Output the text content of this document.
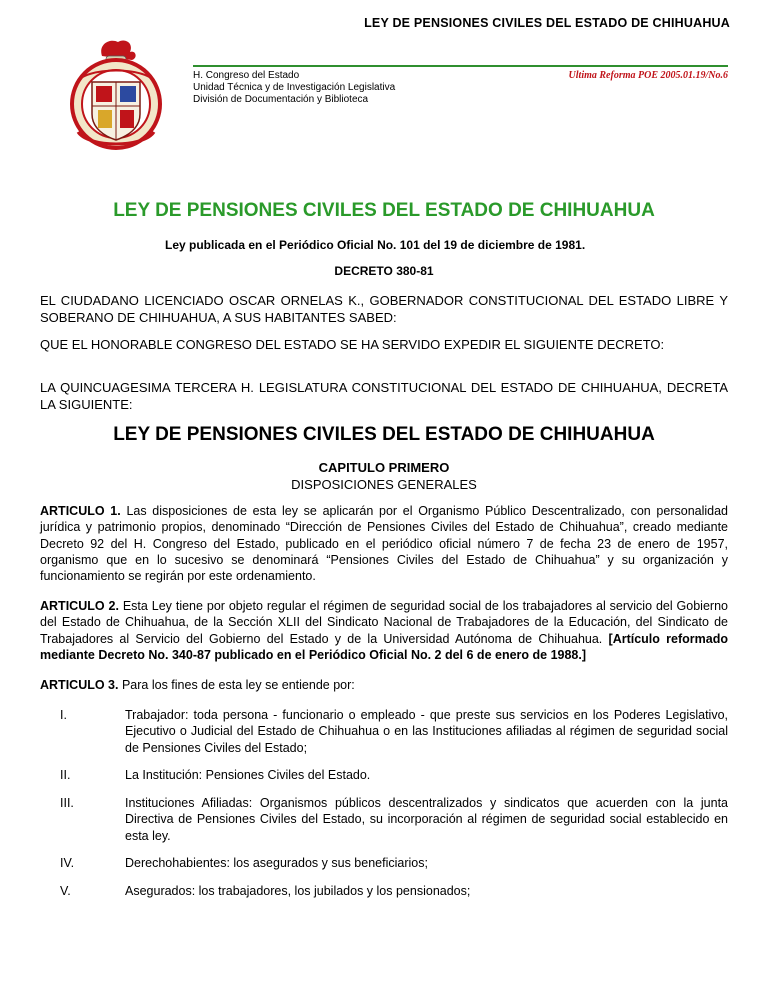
LEY DE PENSIONES CIVILES DEL ESTADO DE CHIHUAHUA
H. Congreso del Estado
Unidad Técnica y de Investigación Legislativa
División de Documentación y Biblioteca
Ultima Reforma POE 2005.01.19/No.6
LEY DE PENSIONES CIVILES DEL ESTADO DE CHIHUAHUA
Ley publicada en el Periódico Oficial No. 101 del 19 de diciembre de 1981.
DECRETO 380-81
EL CIUDADANO LICENCIADO OSCAR ORNELAS K., GOBERNADOR CONSTITUCIONAL DEL ESTADO LIBRE Y SOBERANO DE CHIHUAHUA, A SUS HABITANTES SABED:
QUE EL HONORABLE CONGRESO DEL ESTADO SE HA SERVIDO EXPEDIR EL SIGUIENTE DECRETO:
LA QUINCUAGESIMA TERCERA H. LEGISLATURA CONSTITUCIONAL DEL ESTADO DE CHIHUAHUA, DECRETA LA SIGUIENTE:
LEY DE PENSIONES CIVILES DEL ESTADO DE CHIHUAHUA
CAPITULO PRIMERO
DISPOSICIONES GENERALES
ARTICULO 1. Las disposiciones de esta ley se aplicarán por el Organismo Público Descentralizado, con personalidad jurídica y patrimonio propios, denominado “Dirección de Pensiones Civiles del Estado de Chihuahua”, creado mediante Decreto 92 del H. Congreso del Estado, publicado en el periódico oficial número 7 de fecha 23 de enero de 1957, organismo que en lo sucesivo se denominará “Pensiones Civiles del Estado de Chihuahua” y su organización y funcionamiento se regirán por este ordenamiento.
ARTICULO 2. Esta Ley tiene por objeto regular el régimen de seguridad social de los trabajadores al servicio del Gobierno del Estado de Chihuahua, de la Sección XLII del Sindicato Nacional de Trabajadores de la Educación, del Sindicato de Trabajadores al Servicio del Gobierno del Estado y de la Universidad Autónoma de Chihuahua. [Artículo reformado mediante Decreto No. 340-87 publicado en el Periódico Oficial No. 2 del 6 de enero de 1988.]
ARTICULO 3. Para los fines de esta ley se entiende por:
I.	Trabajador: toda persona - funcionario o empleado - que preste sus servicios en los Poderes Legislativo, Ejecutivo o Judicial del Estado de Chihuahua o en las Instituciones afiliadas al régimen de seguridad social de Pensiones Civiles del Estado;
II.	La Institución: Pensiones Civiles del Estado.
III.	Instituciones Afiliadas: Organismos públicos descentralizados y sindicatos que acuerden con la junta Directiva de Pensiones Civiles del Estado, su incorporación al régimen de seguridad social establecido en esta ley.
IV.	Derechohabientes: los asegurados y sus beneficiarios;
V.	Asegurados: los trabajadores, los jubilados y los pensionados;
